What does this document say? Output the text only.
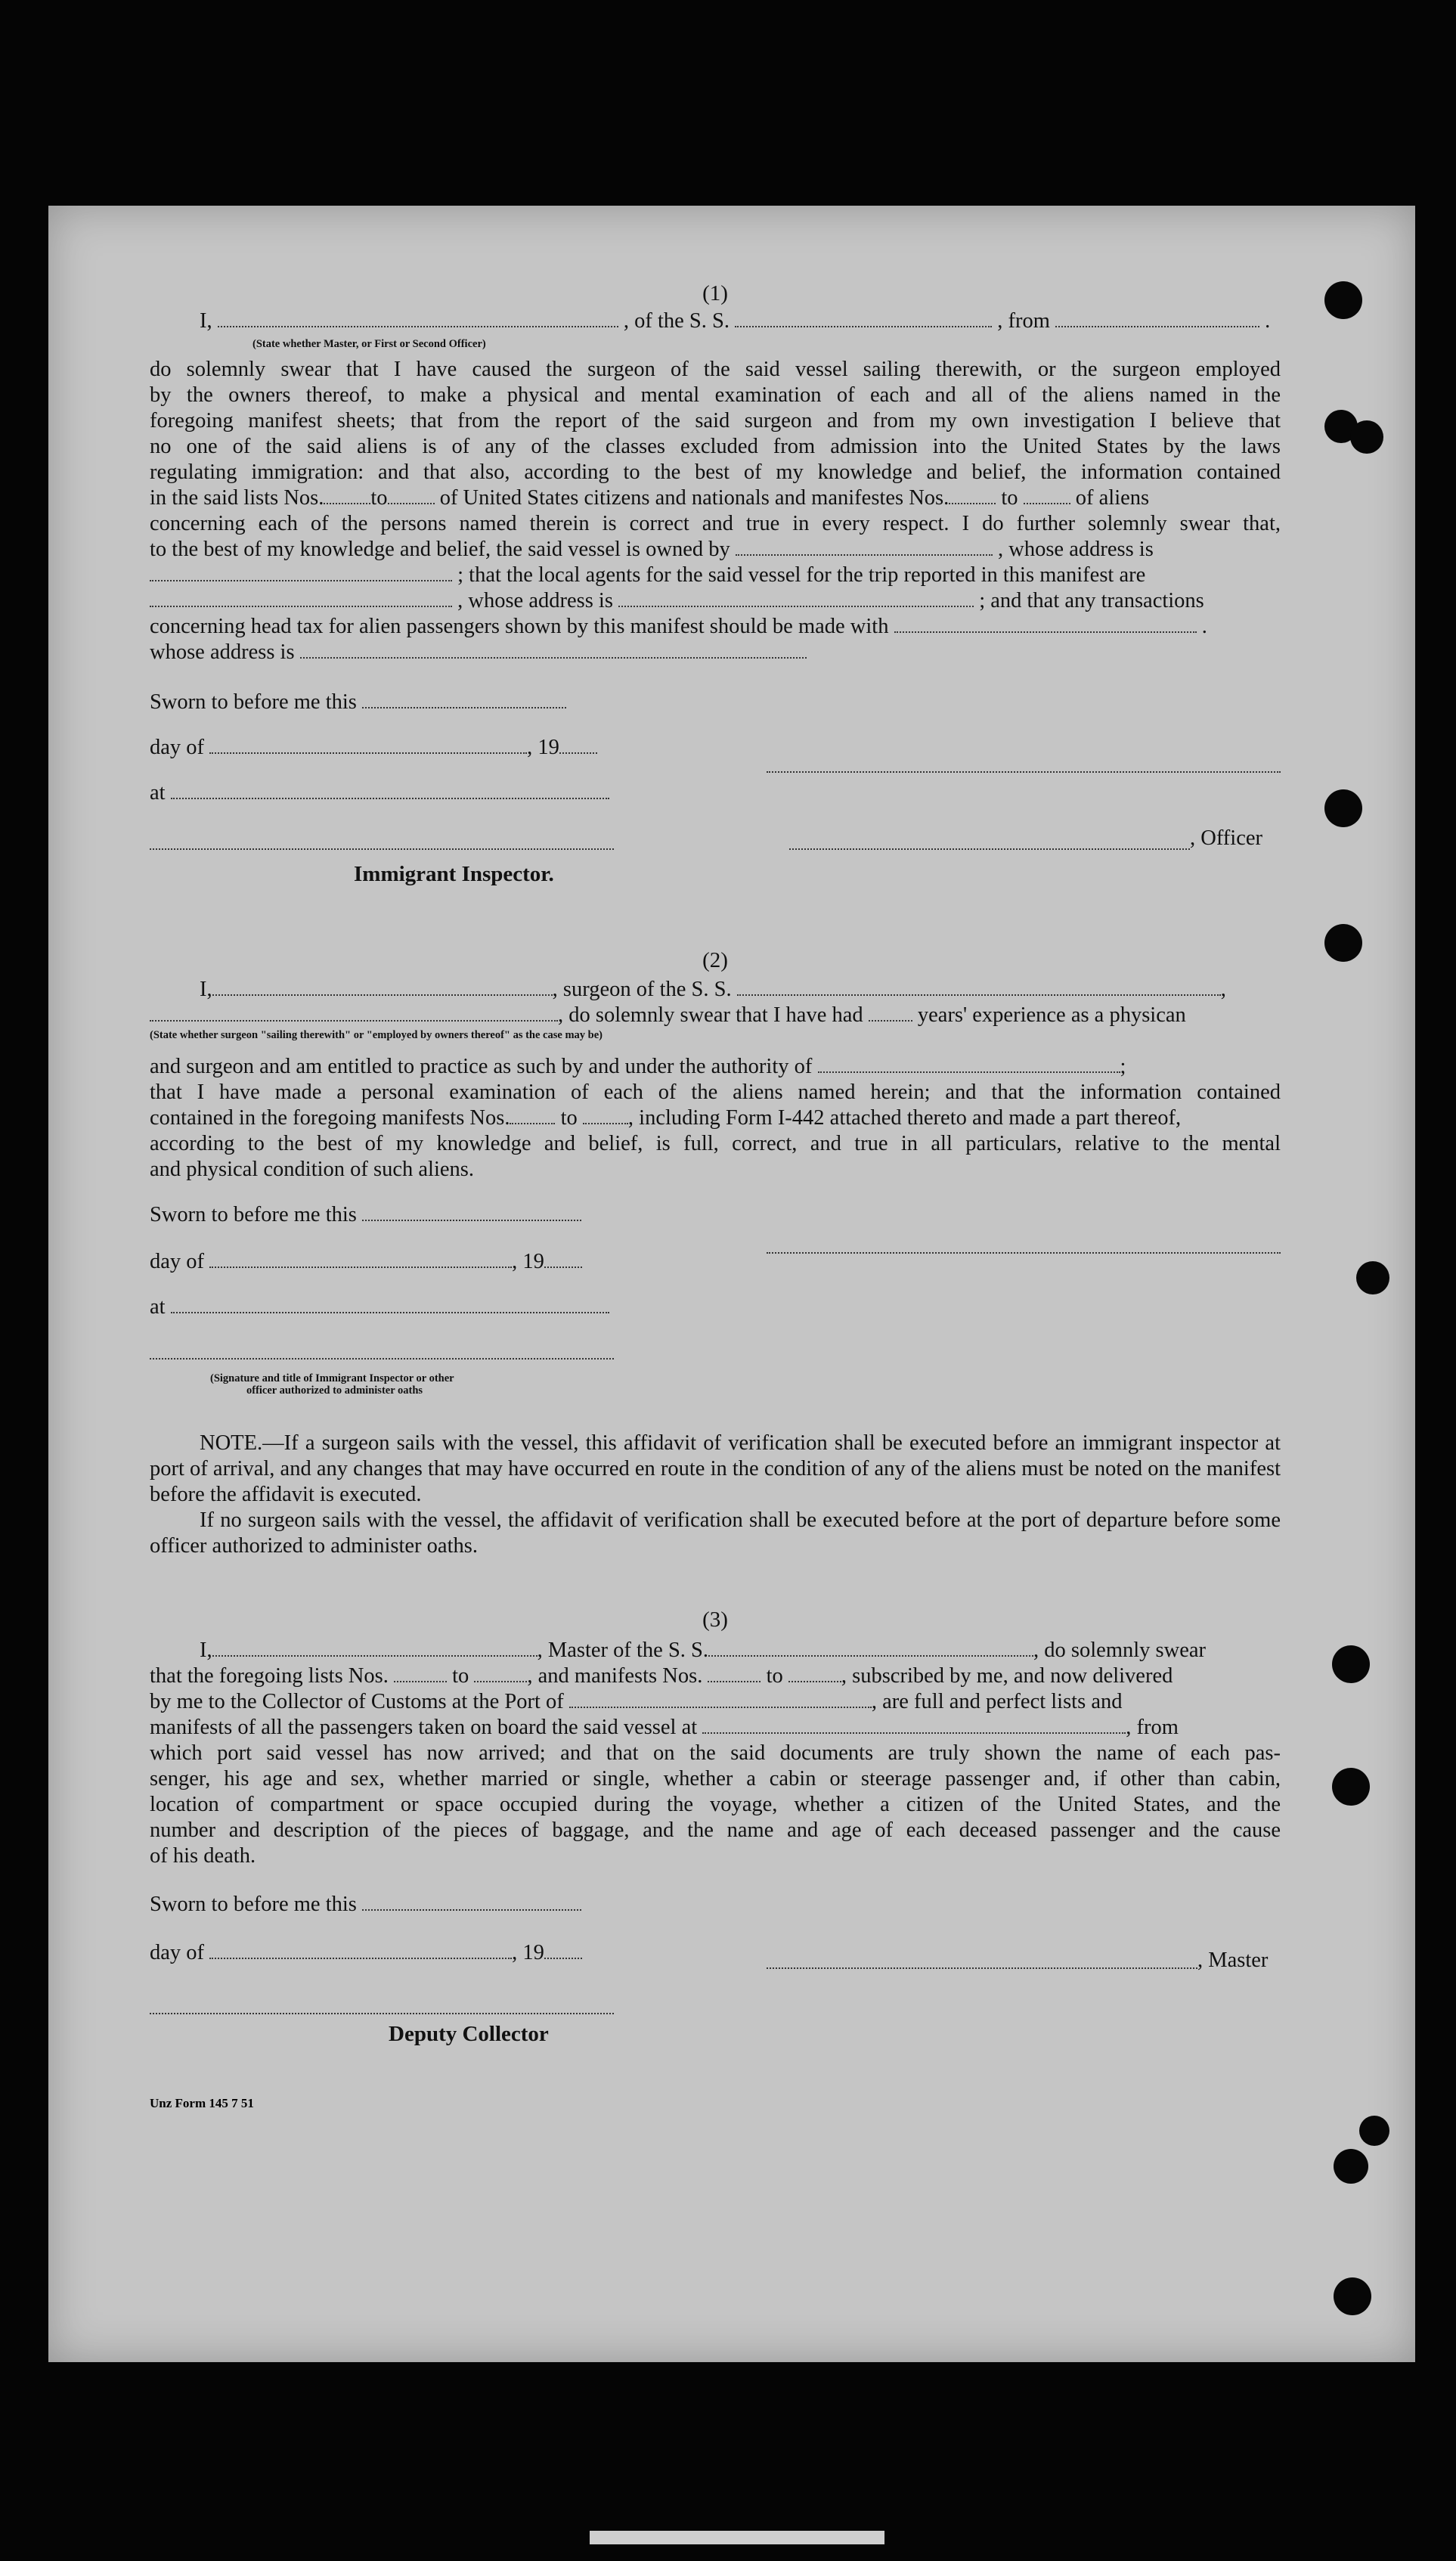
(1)
I,	, of the S. S.	, from	.
(State whether Master, or First or Second Officer)
do solemnly swear that I have caused the surgeon of the said vessel sailing therewith, or the surgeon employed
by the owners thereof, to make a physical and mental examination of each and all of the aliens named in the
foregoing manifest sheets; that from the report of the said surgeon and from my own investigation I believe that
no one of the said aliens is of any of the classes excluded from admission into the United States by the laws
regulating immigration: and that also, according to the best of my knowledge and belief, the information contained
in the said lists Nos. to of United States citizens and nationals and manifestes Nos. to	of aliens
concerning each of the persons named therein is correct and true in every respect. I do further solemnly swear that,
to the best of my knowledge and belief, the said vessel is owned by	, whose address is
; that the local agents for the said vessel for the trip reported in this manifest are
, whose address is	; and that any transactions
concerning head tax for alien passengers shown by this manifest should be made with	.
whose address is
Sworn to before me this
day of	, 19
at
, Officer
Immigrant Inspector.
(2)
I,	, surgeon of the S. S.	,
, do solemnly swear that I have had	years' experience as a physican
(State whether surgeon "sailing therewith" or "employed by owners thereof" as the case may be)
and surgeon and am entitled to practice as such by and under the authority of	;
that I have made a personal examination of each of the aliens named herein; and that the information contained
contained in the foregoing manifests Nos. to , including Form I-442 attached thereto and made a part thereof,
according to the best of my knowledge and belief, is full, correct, and true in all particulars, relative to the mental
and physical condition of such aliens.
Sworn to before me this
day of	, 19
at
(Signature and title of Immigrant Inspector or other
officer authorized to administer oaths
NOTE.—If a surgeon sails with the vessel, this affidavit of verification shall be executed before an immigrant inspector at port of arrival, and any changes that may have occurred en route in the condition of any of the aliens must be noted on the manifest before the affidavit is executed.
If no surgeon sails with the vessel, the affidavit of verification shall be executed before at the port of departure before some officer authorized to administer oaths.
(3)
I,	, Master of the S. S.	, do solemnly swear
that the foregoing lists Nos.	to	, and manifests Nos.	to	, subscribed by me, and now delivered
by me to the Collector of Customs at the Port of	, are full and perfect lists and
manifests of all the passengers taken on board the said vessel at	, from
which port said vessel has now arrived; and that on the said documents are truly shown the name of each pas-
senger, his age and sex, whether married or single, whether a cabin or steerage passenger and, if other than cabin,
location of compartment or space occupied during the voyage, whether a citizen of the United States, and the
number and description of the pieces of baggage, and the name and age of each deceased passenger and the cause
of his death.
Sworn to before me this
day of	, 19	, Master
Deputy Collector
Unz Form 145 7 51
